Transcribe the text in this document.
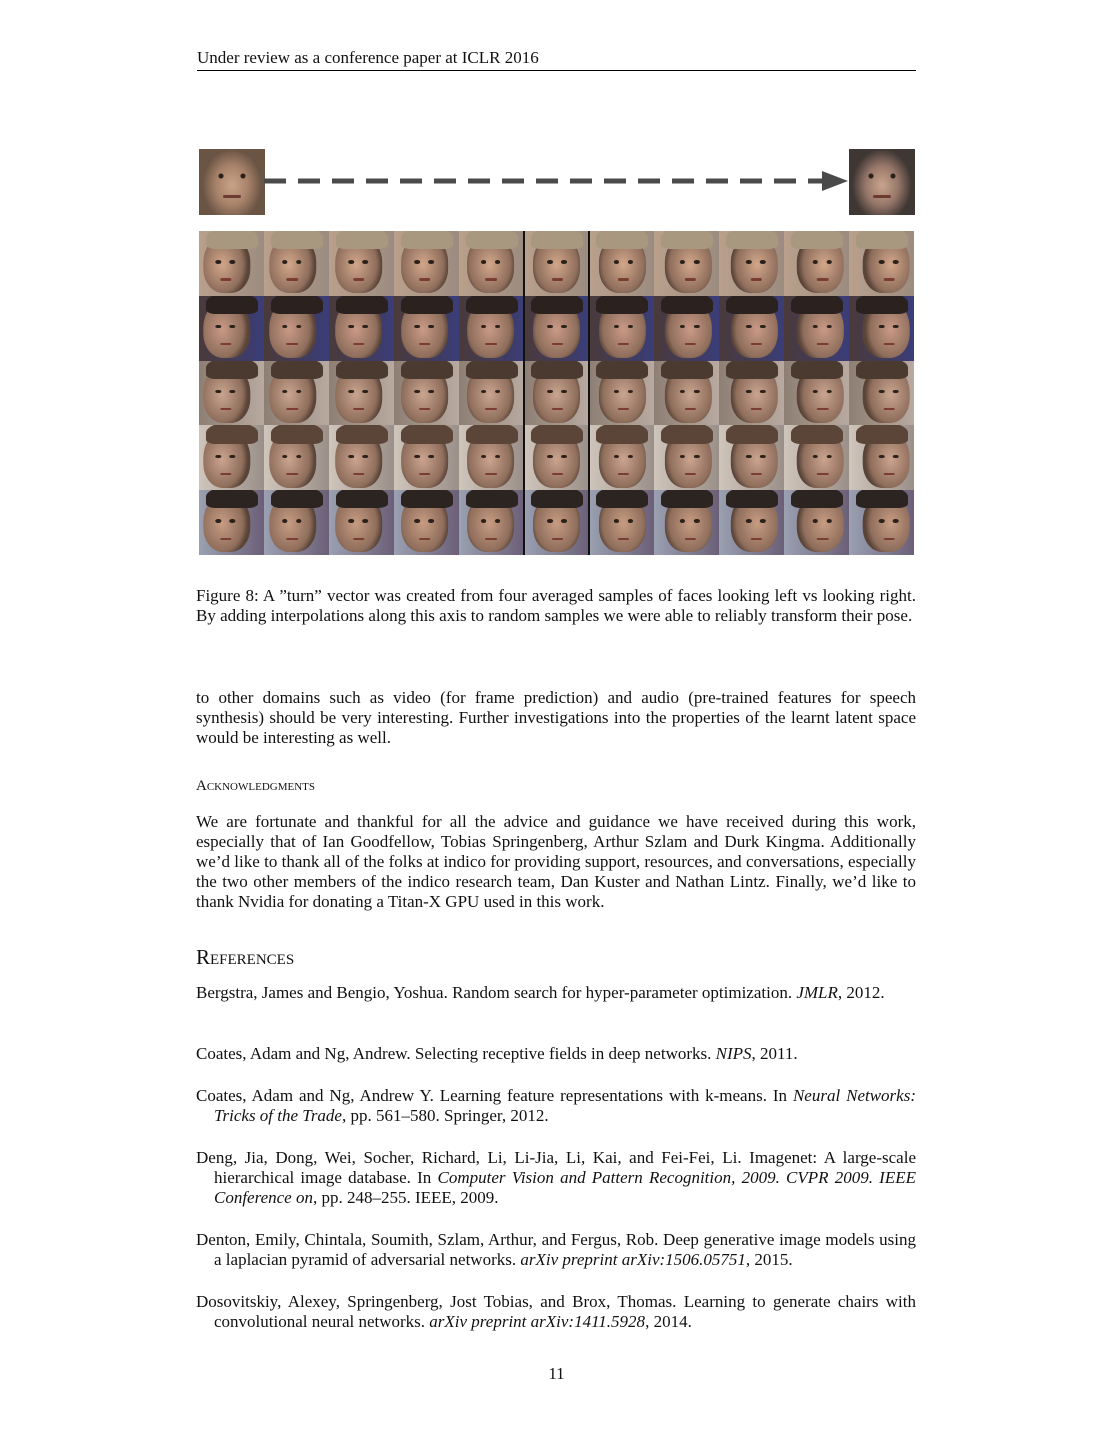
Under review as a conference paper at ICLR 2016
Figure 8: A ”turn” vector was created from four averaged samples of faces looking left vs looking right. By adding interpolations along this axis to random samples we were able to reliably transform their pose.
to other domains such as video (for frame prediction) and audio (pre-trained features for speech synthesis) should be very interesting. Further investigations into the properties of the learnt latent space would be interesting as well.
Acknowledgments
We are fortunate and thankful for all the advice and guidance we have received during this work, especially that of Ian Goodfellow, Tobias Springenberg, Arthur Szlam and Durk Kingma. Additionally we’d like to thank all of the folks at indico for providing support, resources, and conversations, especially the two other members of the indico research team, Dan Kuster and Nathan Lintz. Finally, we’d like to thank Nvidia for donating a Titan-X GPU used in this work.
References
Bergstra, James and Bengio, Yoshua. Random search for hyper-parameter optimization. JMLR, 2012.
Coates, Adam and Ng, Andrew. Selecting receptive fields in deep networks. NIPS, 2011.
Coates, Adam and Ng, Andrew Y. Learning feature representations with k-means. In Neural Networks: Tricks of the Trade, pp. 561–580. Springer, 2012.
Deng, Jia, Dong, Wei, Socher, Richard, Li, Li-Jia, Li, Kai, and Fei-Fei, Li. Imagenet: A large-scale hierarchical image database. In Computer Vision and Pattern Recognition, 2009. CVPR 2009. IEEE Conference on, pp. 248–255. IEEE, 2009.
Denton, Emily, Chintala, Soumith, Szlam, Arthur, and Fergus, Rob. Deep generative image models using a laplacian pyramid of adversarial networks. arXiv preprint arXiv:1506.05751, 2015.
Dosovitskiy, Alexey, Springenberg, Jost Tobias, and Brox, Thomas. Learning to generate chairs with convolutional neural networks. arXiv preprint arXiv:1411.5928, 2014.
11
